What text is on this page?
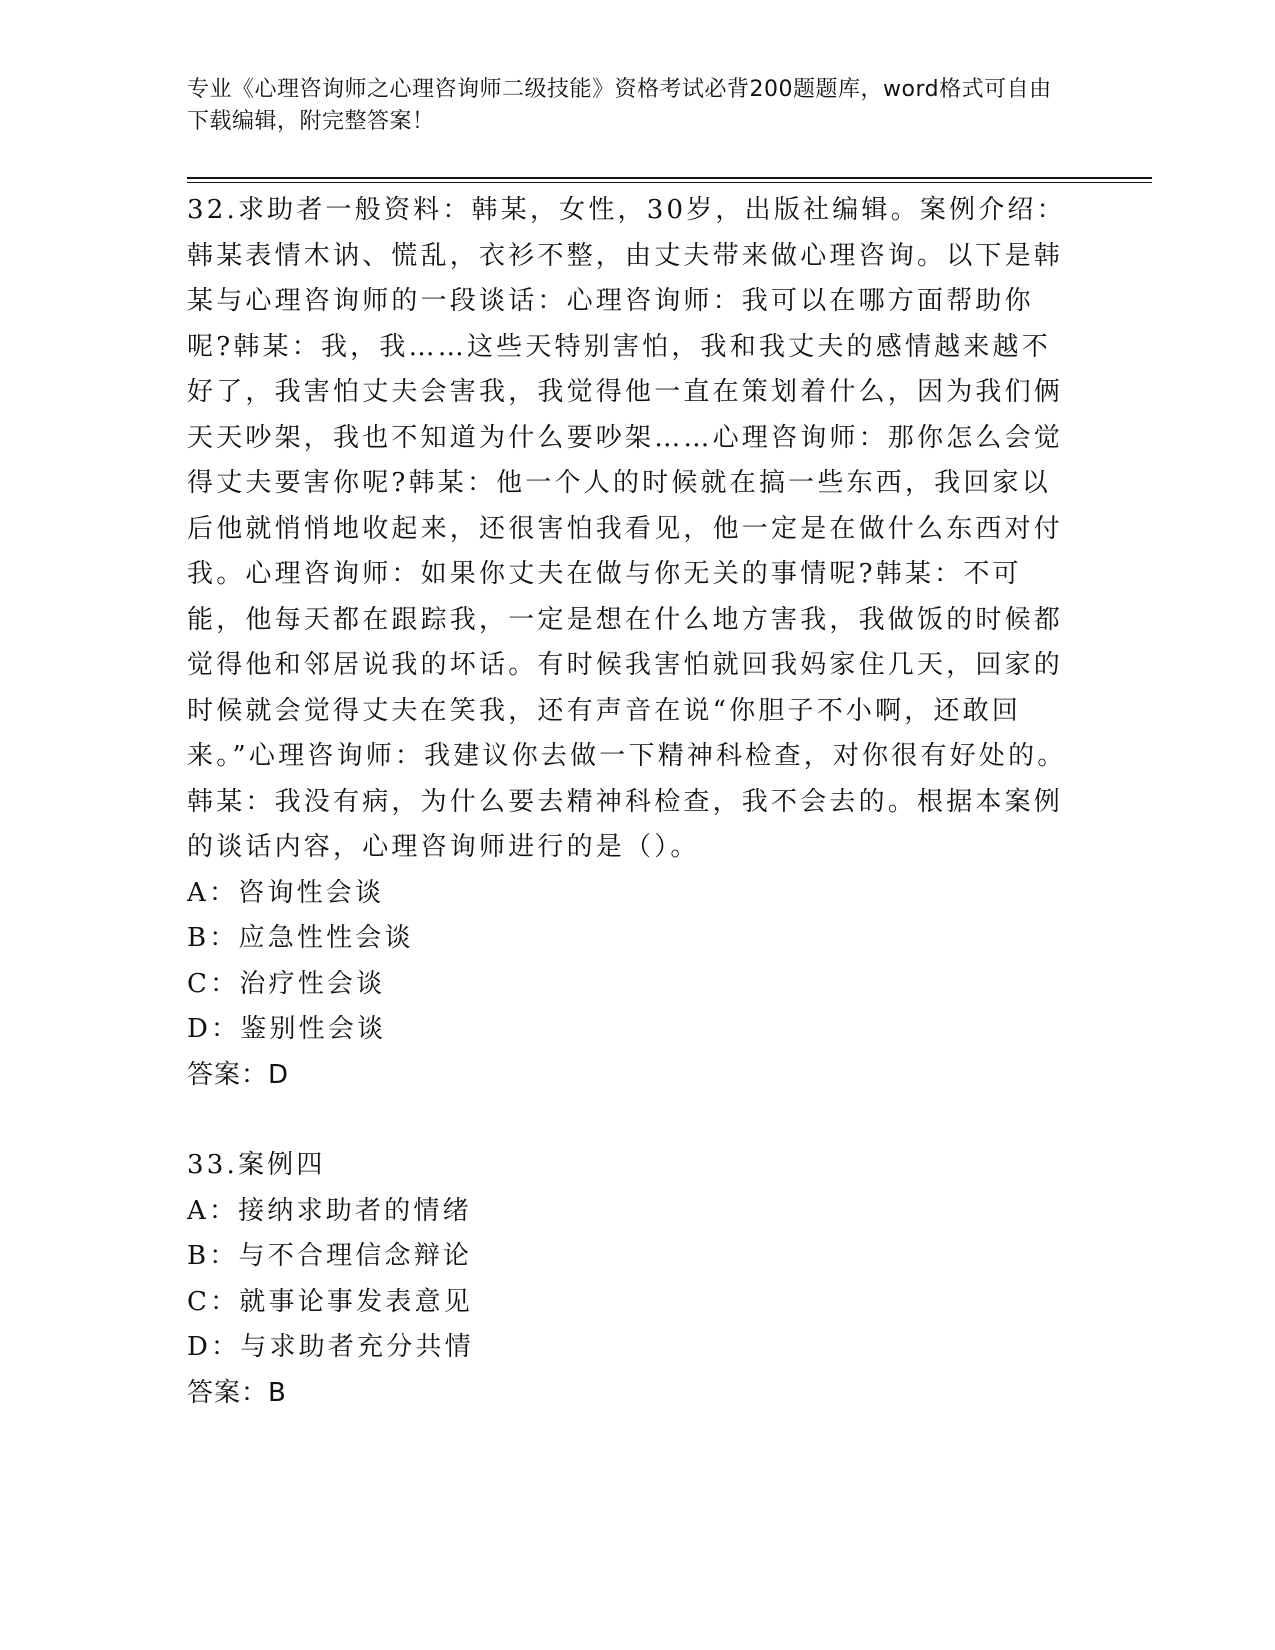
专业《心理咨询师之心理咨询师二级技能》资格考试必背200题题库，word格式可自由下载编辑，附完整答案！

32.求助者一般资料：韩某，女性，30岁，出版社编辑。案例介绍：韩某表情木讷、慌乱，衣衫不整，由丈夫带来做心理咨询。以下是韩某与心理咨询师的一段谈话：心理咨询师：我可以在哪方面帮助你呢?韩某：我，我……这些天特别害怕，我和我丈夫的感情越来越不好了，我害怕丈夫会害我，我觉得他一直在策划着什么，因为我们俩天天吵架，我也不知道为什么要吵架……心理咨询师：那你怎么会觉得丈夫要害你呢?韩某：他一个人的时候就在搞一些东西，我回家以后他就悄悄地收起来，还很害怕我看见，他一定是在做什么东西对付我。心理咨询师：如果你丈夫在做与你无关的事情呢?韩某：不可能，他每天都在跟踪我，一定是想在什么地方害我，我做饭的时候都觉得他和邻居说我的坏话。有时候我害怕就回我妈家住几天，回家的时候就会觉得丈夫在笑我，还有声音在说“你胆子不小啊，还敢回来。”心理咨询师：我建议你去做一下精神科检查，对你很有好处的。韩某：我没有病，为什么要去精神科检查，我不会去的。根据本案例的谈话内容，心理咨询师进行的是（）。

A：咨询性会谈

B：应急性性会谈

C：治疗性会谈

D：鉴别性会谈

答案：D

33.案例四

A：接纳求助者的情绪

B：与不合理信念辩论

C：就事论事发表意见

D：与求助者充分共情

答案：B
